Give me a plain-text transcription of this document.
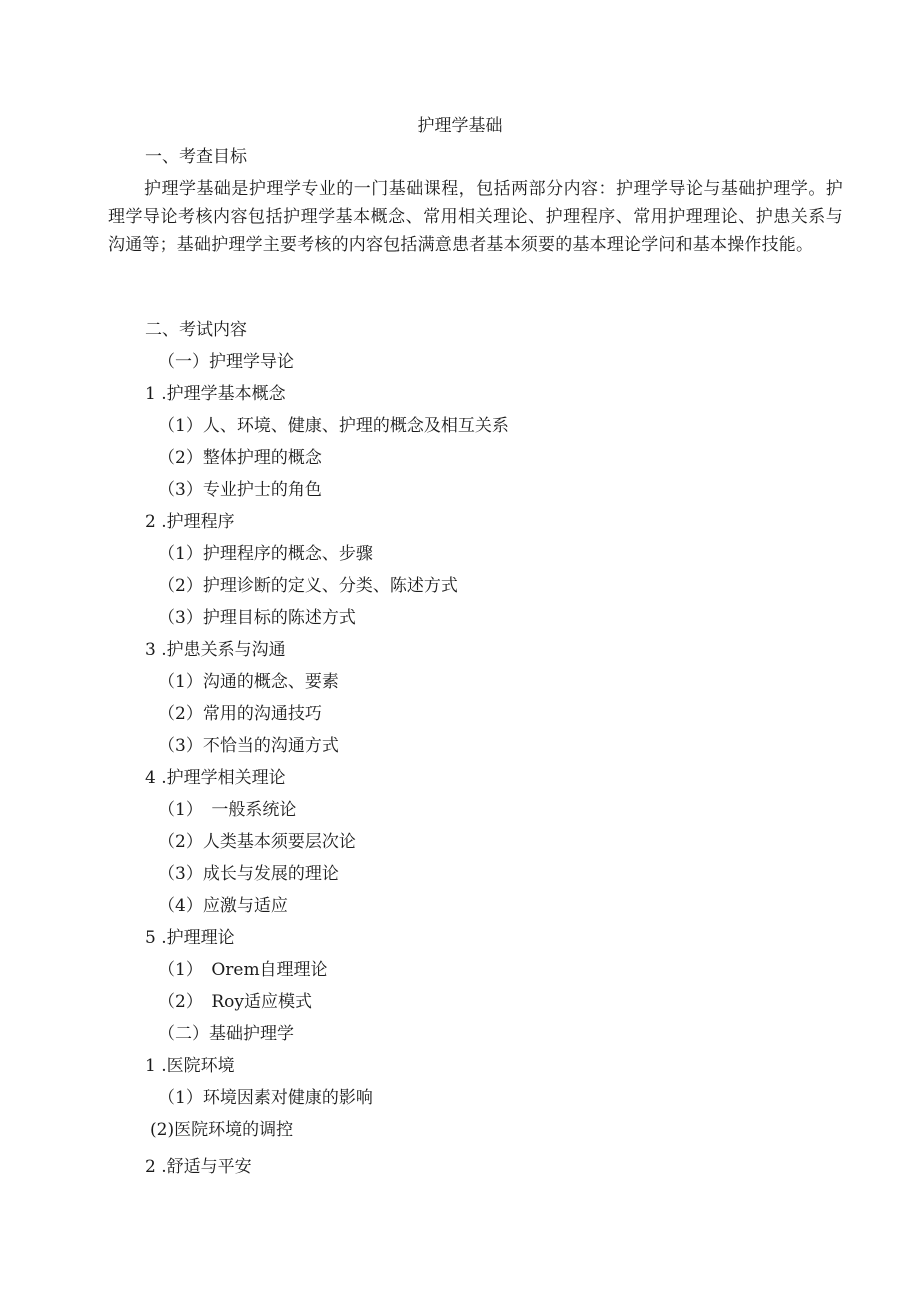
护理学基础
一、考查目标
护理学基础是护理学专业的一门基础课程，包括两部分内容：护理学导论与基础护理学。护理学导论考核内容包括护理学基本概念、常用相关理论、护理程序、常用护理理论、护患关系与沟通等；基础护理学主要考核的内容包括满意患者基本须要的基本理论学问和基本操作技能。
二、考试内容
（一）护理学导论
1 .护理学基本概念
（1）人、环境、健康、护理的概念及相互关系
（2）整体护理的概念
（3）专业护士的角色
2 .护理程序
（1）护理程序的概念、步骤
（2）护理诊断的定义、分类、陈述方式
（3）护理目标的陈述方式
3 .护患关系与沟通
（1）沟通的概念、要素
（2）常用的沟通技巧
（3）不恰当的沟通方式
4 .护理学相关理论
（1）　一般系统论
（2）人类基本须要层次论
（3）成长与发展的理论
（4）应激与适应
5 .护理理论
（1）　Orem自理理论
（2）　Roy适应模式
（二）基础护理学
1 .医院环境
（1）环境因素对健康的影响
(2)医院环境的调控
2 .舒适与平安
